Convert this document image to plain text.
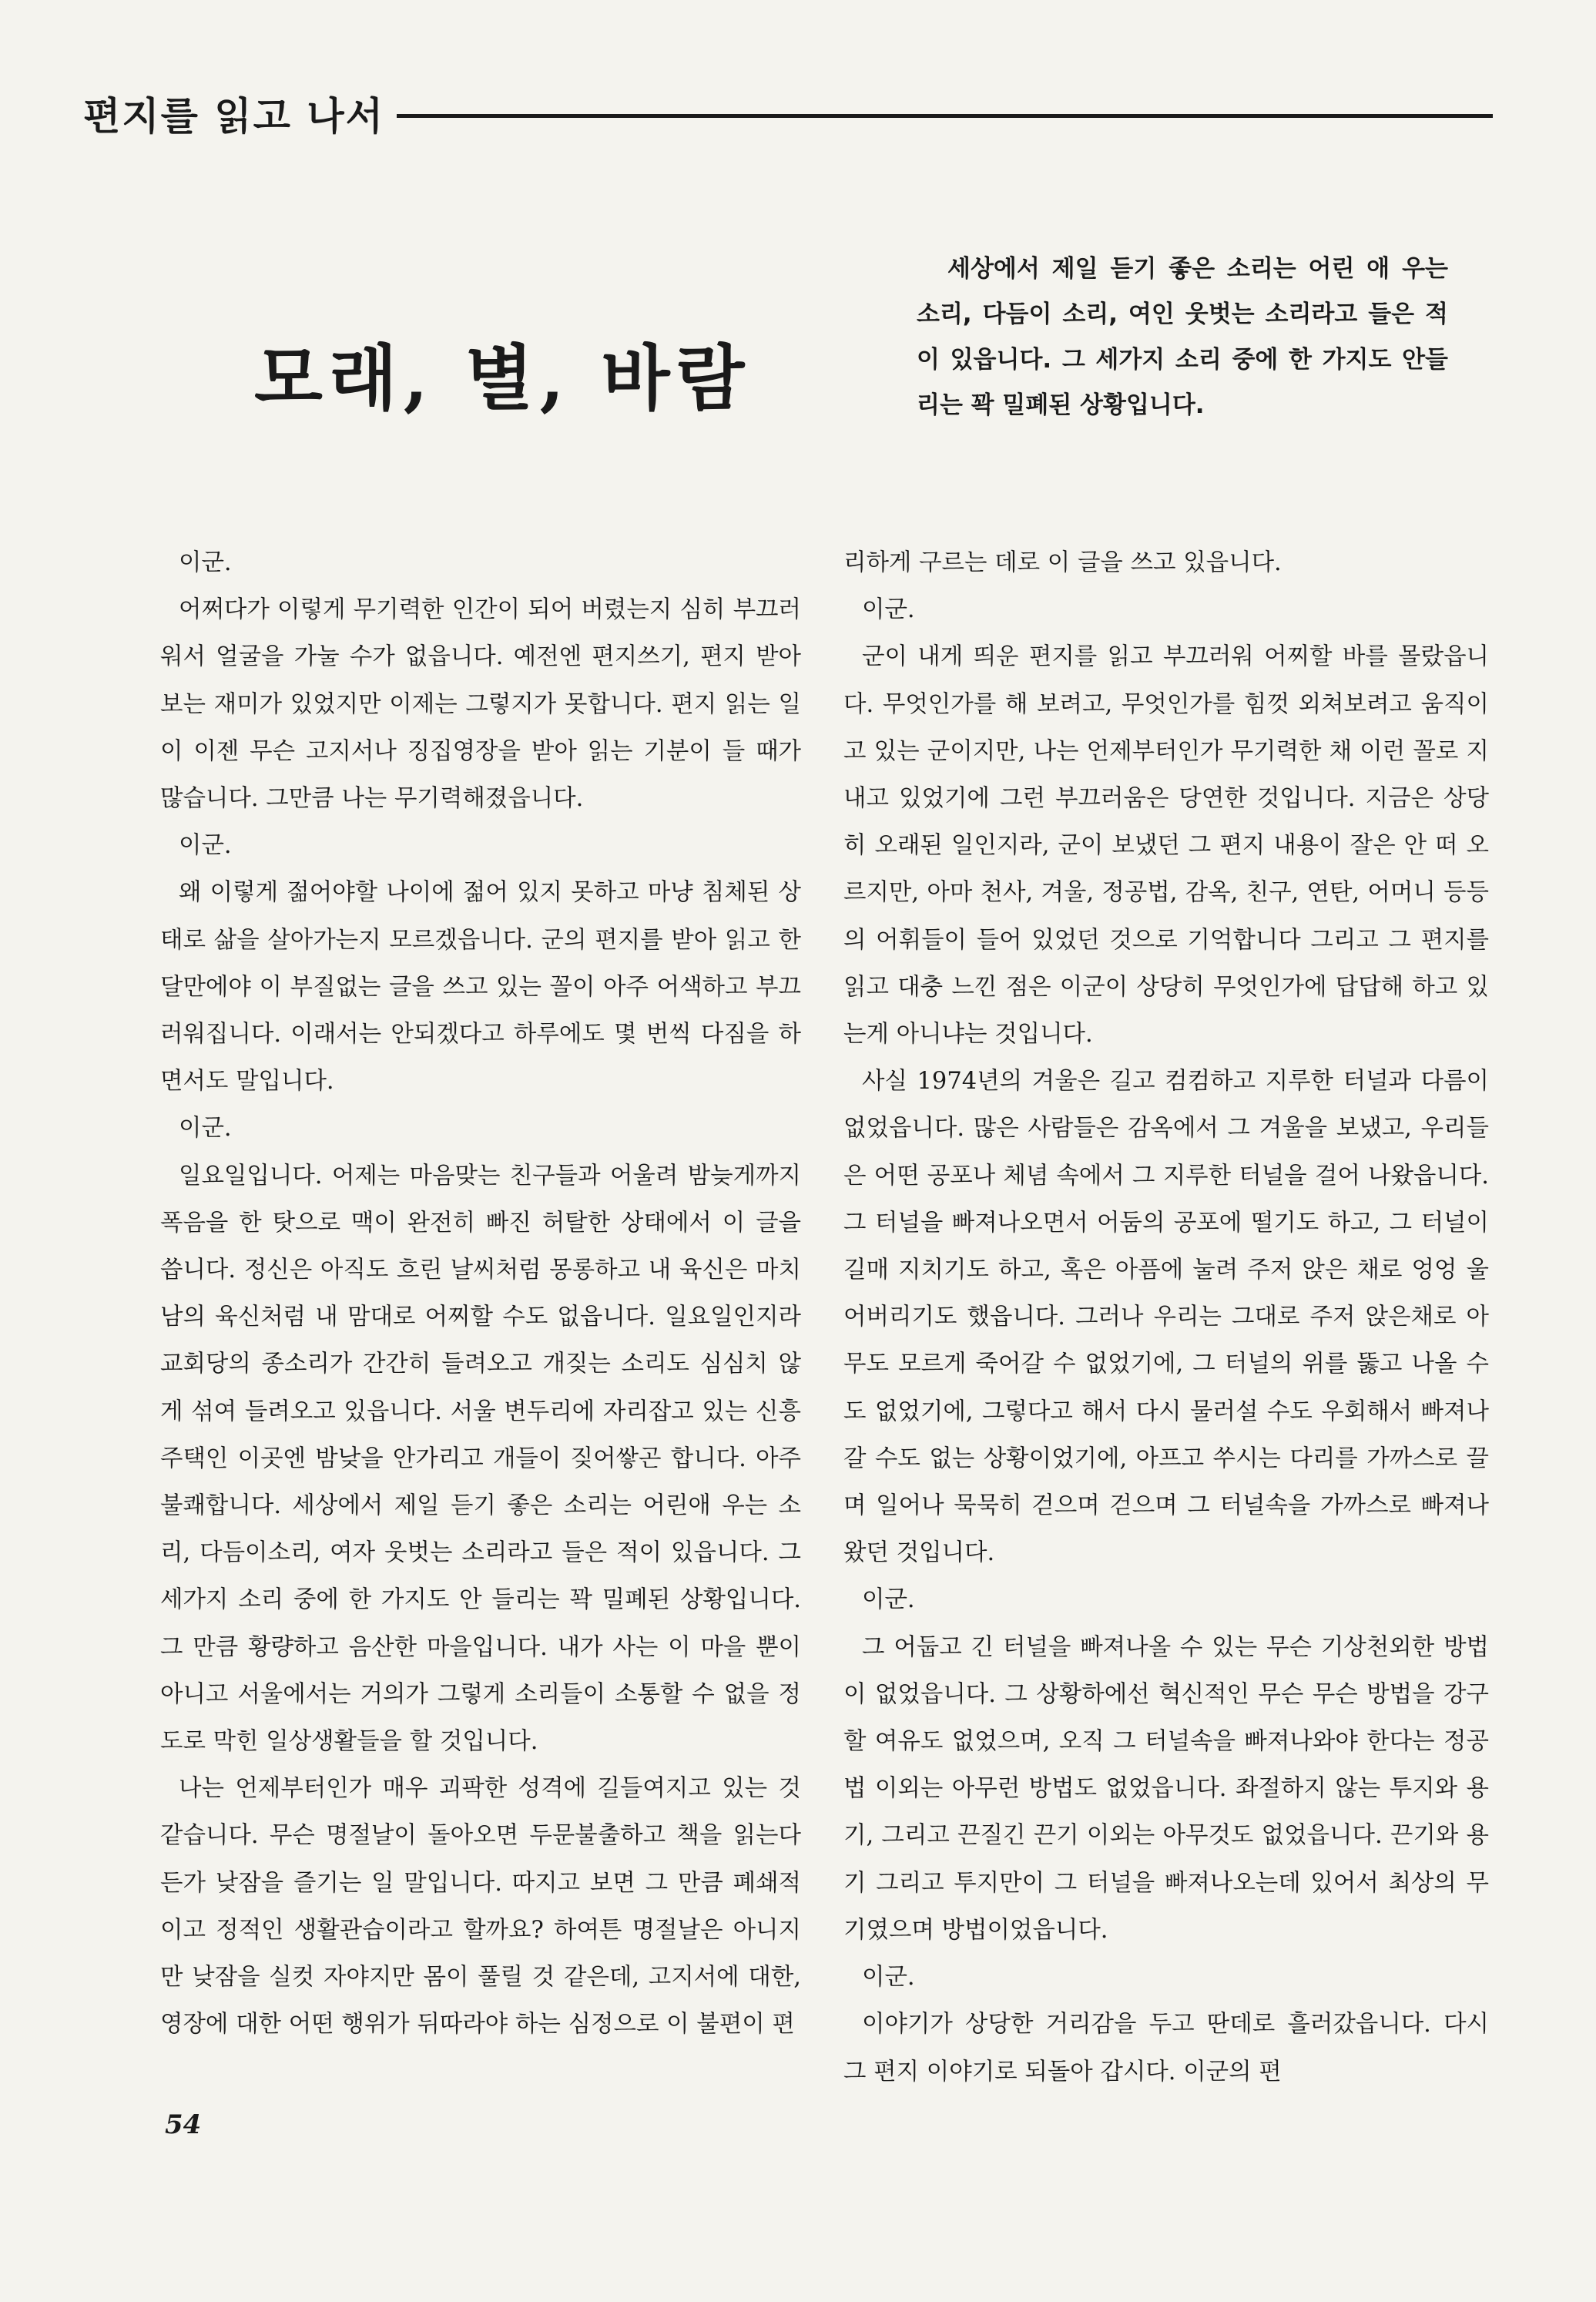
편지를 읽고 나서
모래, 별, 바람
세상에서 제일 듣기 좋은 소리는 어린 애 우는 소리, 다듬이 소리, 여인 웃벗는 소리라고 들은 적이 있읍니다. 그 세가지 소리 중에 한 가지도 안들리는 꽉 밀폐된 상황입니다.

이군.

어쩌다가 이렇게 무기력한 인간이 되어 버렸는지 심히 부끄러워서 얼굴을 가눌 수가 없읍니다. 예전엔 편지쓰기, 편지 받아보는 재미가 있었지만 이제는 그렇지가 못합니다. 편지 읽는 일이 이젠 무슨 고지서나 징집영장을 받아 읽는 기분이 들 때가 많습니다. 그만큼 나는 무기력해졌읍니다.

이군.

왜 이렇게 젊어야할 나이에 젊어 있지 못하고 마냥 침체된 상태로 삶을 살아가는지 모르겠읍니다. 군의 편지를 받아 읽고 한달만에야 이 부질없는 글을 쓰고 있는 꼴이 아주 어색하고 부끄러워집니다. 이래서는 안되겠다고 하루에도 몇 번씩 다짐을 하면서도 말입니다.

이군.

일요일입니다. 어제는 마음맞는 친구들과 어울려 밤늦게까지 폭음을 한 탓으로 맥이 완전히 빠진 허탈한 상태에서 이 글을 씁니다. 정신은 아직도 흐린 날씨처럼 몽롱하고 내 육신은 마치 남의 육신처럼 내 맘대로 어찌할 수도 없읍니다. 일요일인지라 교회당의 종소리가 간간히 들려오고 개짖는 소리도 심심치 않게 섞여 들려오고 있읍니다. 서울 변두리에 자리잡고 있는 신흥주택인 이곳엔 밤낮을 안가리고 개들이 짖어쌓곤 합니다. 아주 불쾌합니다. 세상에서 제일 듣기 좋은 소리는 어린애 우는 소리, 다듬이소리, 여자 웃벗는 소리라고 들은 적이 있읍니다. 그 세가지 소리 중에 한 가지도 안 들리는 꽉 밀폐된 상황입니다. 그 만큼 황량하고 음산한 마을입니다. 내가 사는 이 마을 뿐이 아니고 서울에서는 거의가 그렇게 소리들이 소통할 수 없을 정도로 막힌 일상생활들을 할 것입니다.

나는 언제부터인가 매우 괴팍한 성격에 길들여지고 있는 것 같습니다. 무슨 명절날이 돌아오면 두문불출하고 책을 읽는다든가 낮잠을 즐기는 일 말입니다. 따지고 보면 그 만큼 폐쇄적이고 정적인 생활관습이라고 할까요? 하여튼 명절날은 아니지만 낮잠을 실컷 자야지만 몸이 풀릴 것 같은데, 고지서에 대한, 영장에 대한 어떤 행위가 뒤따라야 하는 심정으로 이 불편이 편

리하게 구르는 데로 이 글을 쓰고 있읍니다.

이군.

군이 내게 띄운 편지를 읽고 부끄러워 어찌할 바를 몰랐읍니다. 무엇인가를 해 보려고, 무엇인가를 힘껏 외쳐보려고 움직이고 있는 군이지만, 나는 언제부터인가 무기력한 채 이런 꼴로 지내고 있었기에 그런 부끄러움은 당연한 것입니다. 지금은 상당히 오래된 일인지라, 군이 보냈던 그 편지 내용이 잘은 안 떠 오르지만, 아마 천사, 겨울, 정공법, 감옥, 친구, 연탄, 어머니 등등의 어휘들이 들어 있었던 것으로 기억합니다 그리고 그 편지를 읽고 대충 느낀 점은 이군이 상당히 무엇인가에 답답해 하고 있는게 아니냐는 것입니다.

사실 1974년의 겨울은 길고 컴컴하고 지루한 터널과 다름이 없었읍니다. 많은 사람들은 감옥에서 그 겨울을 보냈고, 우리들은 어떤 공포나 체념 속에서 그 지루한 터널을 걸어 나왔읍니다. 그 터널을 빠져나오면서 어둠의 공포에 떨기도 하고, 그 터널이 길매 지치기도 하고, 혹은 아픔에 눌려 주저 앉은 채로 엉엉 울어버리기도 했읍니다. 그러나 우리는 그대로 주저 앉은채로 아무도 모르게 죽어갈 수 없었기에, 그 터널의 위를 뚫고 나올 수도 없었기에, 그렇다고 해서 다시 물러설 수도 우회해서 빠져나갈 수도 없는 상황이었기에, 아프고 쑤시는 다리를 가까스로 끌며 일어나 묵묵히 걷으며 걷으며 그 터널속을 가까스로 빠져나왔던 것입니다.

이군.

그 어둡고 긴 터널을 빠져나올 수 있는 무슨 기상천외한 방법이 없었읍니다. 그 상황하에선 혁신적인 무슨 무슨 방법을 강구할 여유도 없었으며, 오직 그 터널속을 빠져나와야 한다는 정공법 이외는 아무런 방법도 없었읍니다. 좌절하지 않는 투지와 용기, 그리고 끈질긴 끈기 이외는 아무것도 없었읍니다. 끈기와 용기 그리고 투지만이 그 터널을 빠져나오는데 있어서 최상의 무기였으며 방법이었읍니다.

이군.

이야기가 상당한 거리감을 두고 딴데로 흘러갔읍니다. 다시 그 편지 이야기로 되돌아 갑시다. 이군의 편

54
